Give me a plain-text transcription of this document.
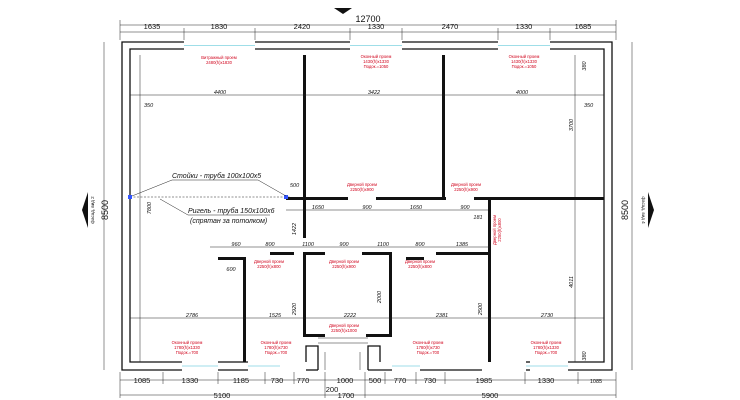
12700
1635	1830	2420	1330	2470	1330	1685
8500	8500
фасад, вид 2	фасад, вид 4
4400	3422	4000
350	350
380
380
3700
7800
500
1650	900	1650	900
181
1422
960	800	1100	900	1100	800	1385
600
4011
2786	1525	2222	2381	2730
2920
2000
2500
Стойки - труба 100х100х5
Ригель - труба 150х100х6
(спрятан за потолком)
Витражный проем 2480(h)x1830
Оконный проем 1430(h)x1330 Подок.=1050
Оконный проем 1430(h)x1330 Подок.=1050
Дверной проем 2250(h)x900
Дверной проем 2250(h)x900
Дверной проем2250(h)x800
Дверной проем 2250(h)x800
Дверной проем 2250(h)x900
Дверной проем 2250(h)x800
Дверной проем 2250(h)x1000
Оконный проем 1780(h)x1330 Подок.=700
Оконный проем 1780(h)x730 Подок.=700
Оконный проем 1780(h)x730 Подок.=700
Оконный проем 1780(h)x1330 Подок.=700
1085	1330	1185	730 770	1000 500 770 730	1985	1330	1085
200
5100	1700	5900
